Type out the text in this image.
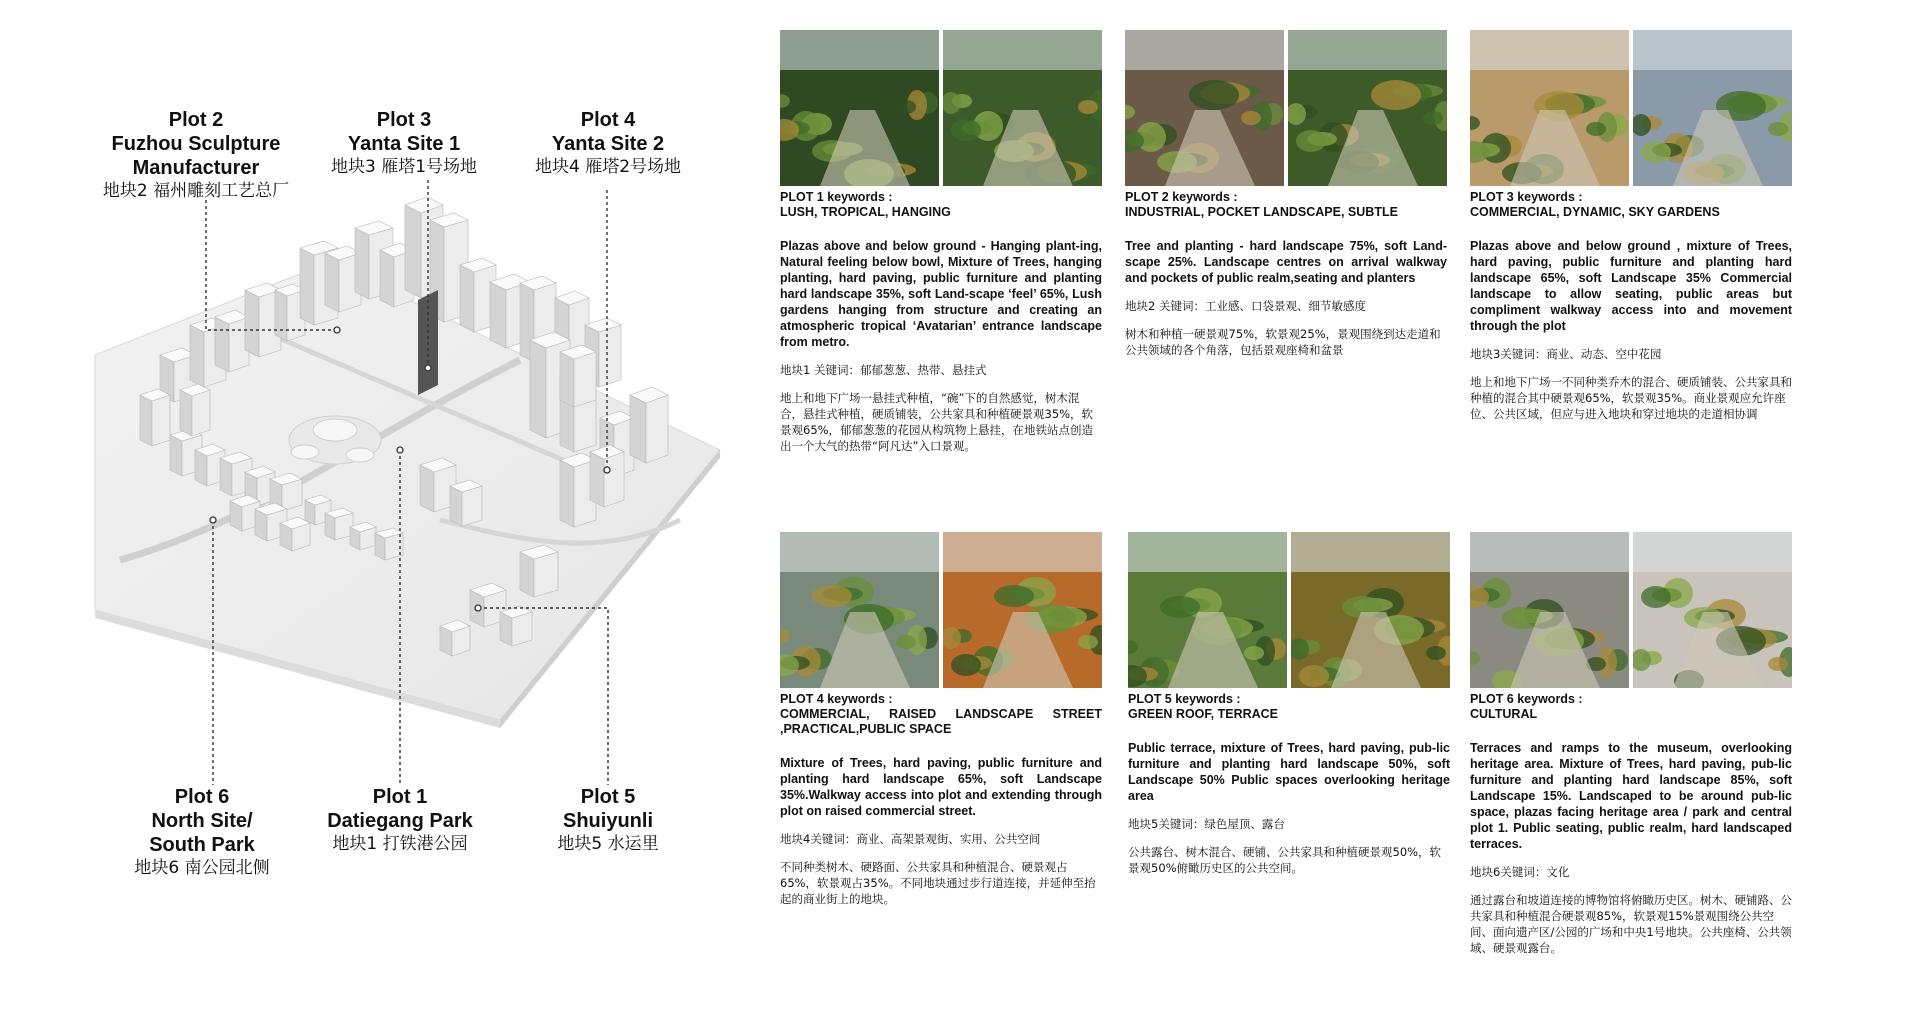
Plot 2
Fuzhou Sculpture
Manufacturer
地块2 福州雕刻工艺总厂
Plot 3
Yanta Site 1
地块3 雁塔1号场地
Plot 4
Yanta Site 2
地块4 雁塔2号场地
Plot 6
North Site/
South Park
地块6 南公园北侧
Plot 1
Datiegang Park
地块1 打铁港公园
Plot 5
Shuiyunli
地块5 水运里
PLOT 1 keywords :
LUSH, TROPICAL, HANGING
Plazas above and below ground - Hanging plant-ing, Natural feeling below bowl, Mixture of Trees, hanging planting, hard paving, public furniture and planting hard landscape 35%, soft Land-scape ‘feel’ 65%, Lush gardens hanging from structure and creating an atmospheric tropical ‘Avatarian’ entrance landscape from metro.
地块1 关键词：郁郁葱葱、热带、悬挂式
地上和地下广场一悬挂式种植，“碗”下的自然感觉，树木混合，悬挂式种植，硬质铺装，公共家具和种植硬景观35%，软景观65%，郁郁葱葱的花园从构筑物上悬挂，在地铁站点创造出一个大气的热带“阿凡达”入口景观。
PLOT 2 keywords :
INDUSTRIAL, POCKET LANDSCAPE, SUBTLE
Tree and planting - hard landscape 75%, soft Land-scape 25%. Landscape centres on arrival walkway and pockets of public realm,seating and planters
地块2 关键词：工业感、口袋景观、细节敏感度
树木和种植一硬景观75%，软景观25%，景观围绕到达走道和公共领域的各个角落，包括景观座椅和盆景
PLOT 3 keywords :
COMMERCIAL, DYNAMIC, SKY GARDENS
Plazas above and below ground , mixture of Trees, hard paving, public furniture and planting hard landscape 65%, soft Landscape 35% Commercial landscape to allow seating, public areas but compliment walkway access into and movement through the plot
地块3关键词：商业、动态、空中花园
地上和地下广场一不同种类乔木的混合、硬质铺装、公共家具和种植的混合其中硬景观65%，软景观35%。商业景观应允许座位、公共区域，但应与进入地块和穿过地块的走道相协调
PLOT 4 keywords :
COMMERCIAL, RAISED LANDSCAPE STREET ,PRACTICAL,PUBLIC SPACE
Mixture of Trees, hard paving, public furniture and planting hard landscape 65%, soft Landscape 35%.Walkway access into plot and extending through plot on raised commercial street.
地块4关键词：商业、高架景观街、实用、公共空间
不同种类树木、硬路面、公共家具和种植混合、硬景观占65%，软景观占35%。不同地块通过步行道连接，并延伸至抬起的商业街上的地块。
PLOT 5 keywords :
GREEN ROOF, TERRACE
Public terrace, mixture of Trees, hard paving, pub-lic furniture and planting hard landscape 50%, soft Landscape 50% Public spaces overlooking heritage area
地块5关键词：绿色屋顶、露台
公共露台、树木混合、硬铺、公共家具和种植硬景观50%，软景观50%俯瞰历史区的公共空间。
PLOT 6 keywords :
CULTURAL
Terraces and ramps to the museum, overlooking heritage area. Mixture of Trees, hard paving, pub-lic furniture and planting hard landscape 85%, soft Landscape 15%. Landscaped to be around pub-lic space, plazas facing heritage area / park and central plot 1. Public seating, public realm, hard landscaped terraces.
地块6关键词：文化
通过露台和坡道连接的博物馆将俯瞰历史区。树木、硬铺路、公共家具和种植混合硬景观85%，软景观15%景观围绕公共空间、面向遗产区/公园的广场和中央1号地块。公共座椅、公共领域、硬景观露台。
